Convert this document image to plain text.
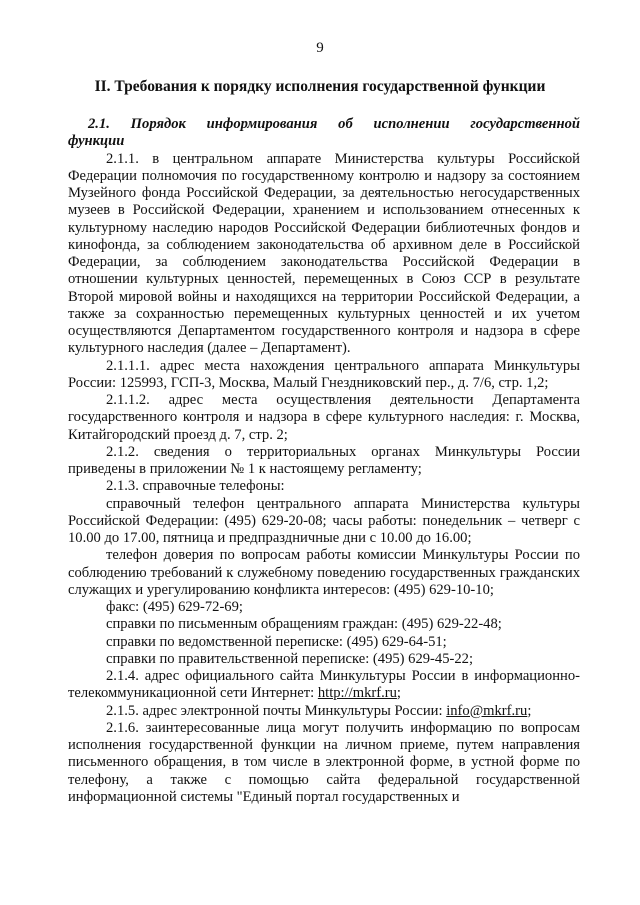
9
II. Требования к порядку исполнения государственной функции

2.1. Порядок информирования об исполнении государственной функции

2.1.1. в центральном аппарате Министерства культуры Российской Федерации полномочия по государственному контролю и надзору за состоянием Музейного фонда Российской Федерации, за деятельностью негосударственных музеев в Российской Федерации, хранением и использованием отнесенных к культурному наследию народов Российской Федерации библиотечных фондов и кинофонда, за соблюдением законодательства об архивном деле в Российской Федерации, за соблюдением законодательства Российской Федерации в отношении культурных ценностей, перемещенных в Союз ССР в результате Второй мировой войны и находящихся на территории Российской Федерации, а также за сохранностью перемещенных культурных ценностей и их учетом осуществляются Департаментом государственного контроля и надзора в сфере культурного наследия (далее – Департамент).

2.1.1.1. адрес места нахождения центрального аппарата Минкультуры России: 125993, ГСП-3, Москва, Малый Гнездниковский пер., д. 7/6, стр. 1,2;

2.1.1.2. адрес места осуществления деятельности Департамента государственного контроля и надзора в сфере культурного наследия: г. Москва, Китайгородский проезд д. 7, стр. 2;

2.1.2. сведения о территориальных органах Минкультуры России приведены в приложении № 1 к настоящему регламенту;

2.1.3. справочные телефоны:

справочный телефон центрального аппарата Министерства культуры Российской Федерации: (495) 629-20-08; часы работы: понедельник – четверг с 10.00 до 17.00, пятница и предпраздничные дни с 10.00 до 16.00;

телефон доверия по вопросам работы комиссии Минкультуры России по соблюдению требований к служебному поведению государственных гражданских служащих и урегулированию конфликта интересов: (495) 629-10-10;

факс: (495) 629-72-69;

справки по письменным обращениям граждан: (495) 629-22-48;

справки по ведомственной переписке: (495) 629-64-51;

справки по правительственной переписке: (495) 629-45-22;

2.1.4. адрес официального сайта Минкультуры России в информационно-телекоммуникационной сети Интернет: http://mkrf.ru;

2.1.5. адрес электронной почты Минкультуры России: info@mkrf.ru;

2.1.6. заинтересованные лица могут получить информацию по вопросам исполнения государственной функции на личном приеме, путем направления письменного обращения, в том числе в электронной форме, в устной форме по телефону, а также с помощью сайта федеральной государственной информационной системы "Единый портал государственных и
